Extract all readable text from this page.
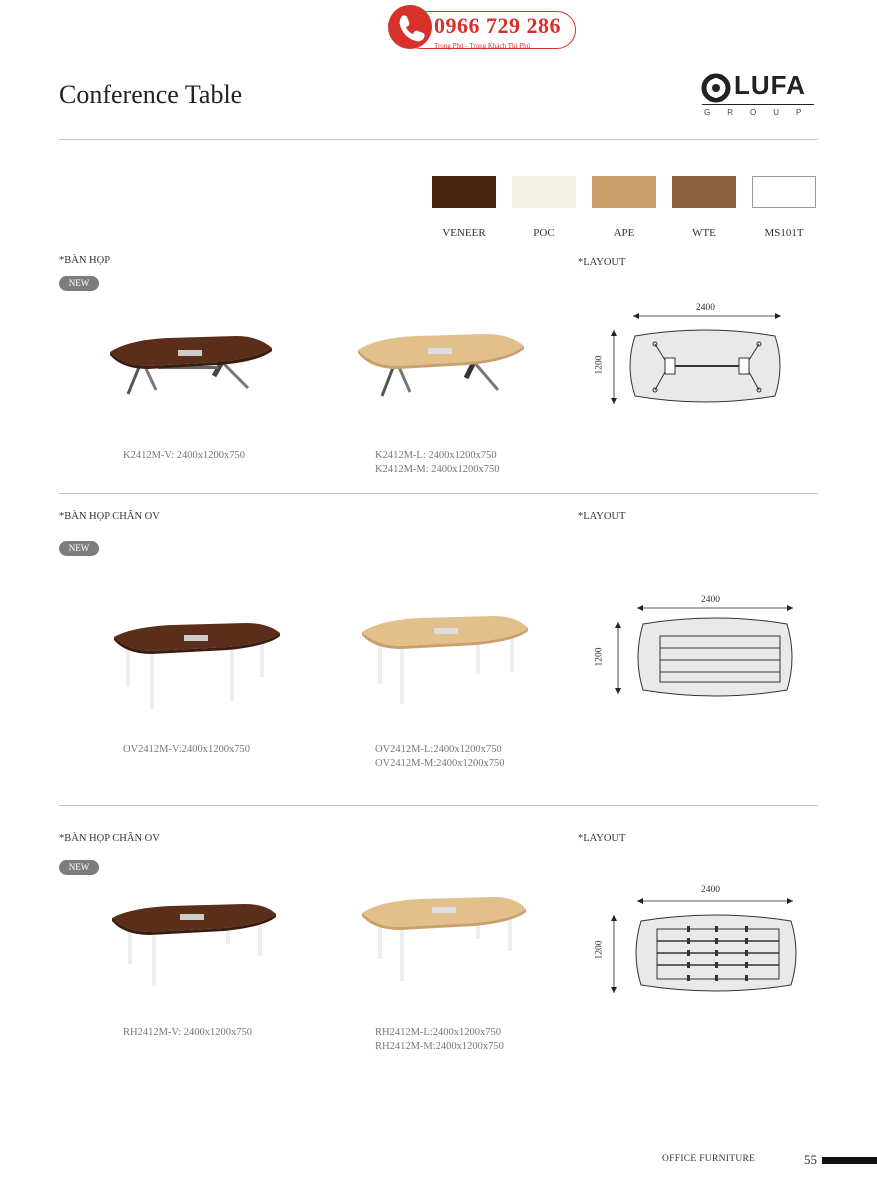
0966 729 286
Trọng Phú - Trọng Khách Thì Phú
Conference Table	LUFA
GROUP
VENEER	POC	APE	WTE	MS101T
*BÀN HỌP
NEW
*LAYOUT
K2412M-V: 2400x1200x750	K2412M-L: 2400x1200x750
K2412M-M: 2400x1200x750
2400
1200
*BÀN HỌP CHÂN OV
NEW
*LAYOUT
OV2412M-V:2400x1200x750	OV2412M-L:2400x1200x750
OV2412M-M:2400x1200x750
2400
1200
*BÀN HỌP CHÂN OV
NEW
*LAYOUT
RH2412M-V: 2400x1200x750	RH2412M-L:2400x1200x750
RH2412M-M:2400x1200x750
2400
1200
OFFICE FURNITURE	55
